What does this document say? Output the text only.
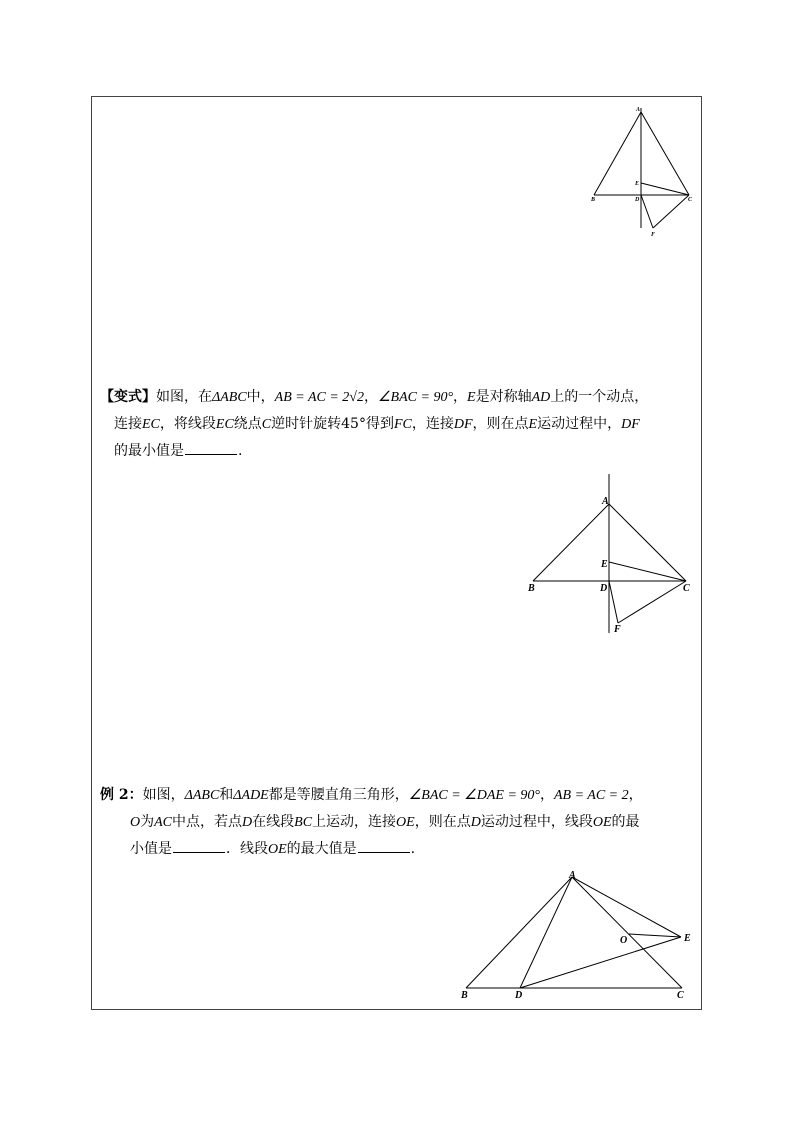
A
B	C
D
E
F
【变式】如图，在ΔABC中，AB = AC = 2√2，∠BAC = 90°，E是对称轴AD上的一个动点，
连接EC，将线段EC绕点C逆时针旋转45°得到FC，连接DF，则在点E运动过程中，DF
的最小值是	.
A
B	C
D
E
F
例 2：如图，ΔABC和ΔADE都是等腰直角三角形，∠BAC = ∠DAE = 90°，AB = AC = 2，
O为AC中点，若点D在线段BC上运动，连接OE，则在点D运动过程中，线段OE的最
小值是	．线段OE的最大值是	.
A
B	C
D
E
O
